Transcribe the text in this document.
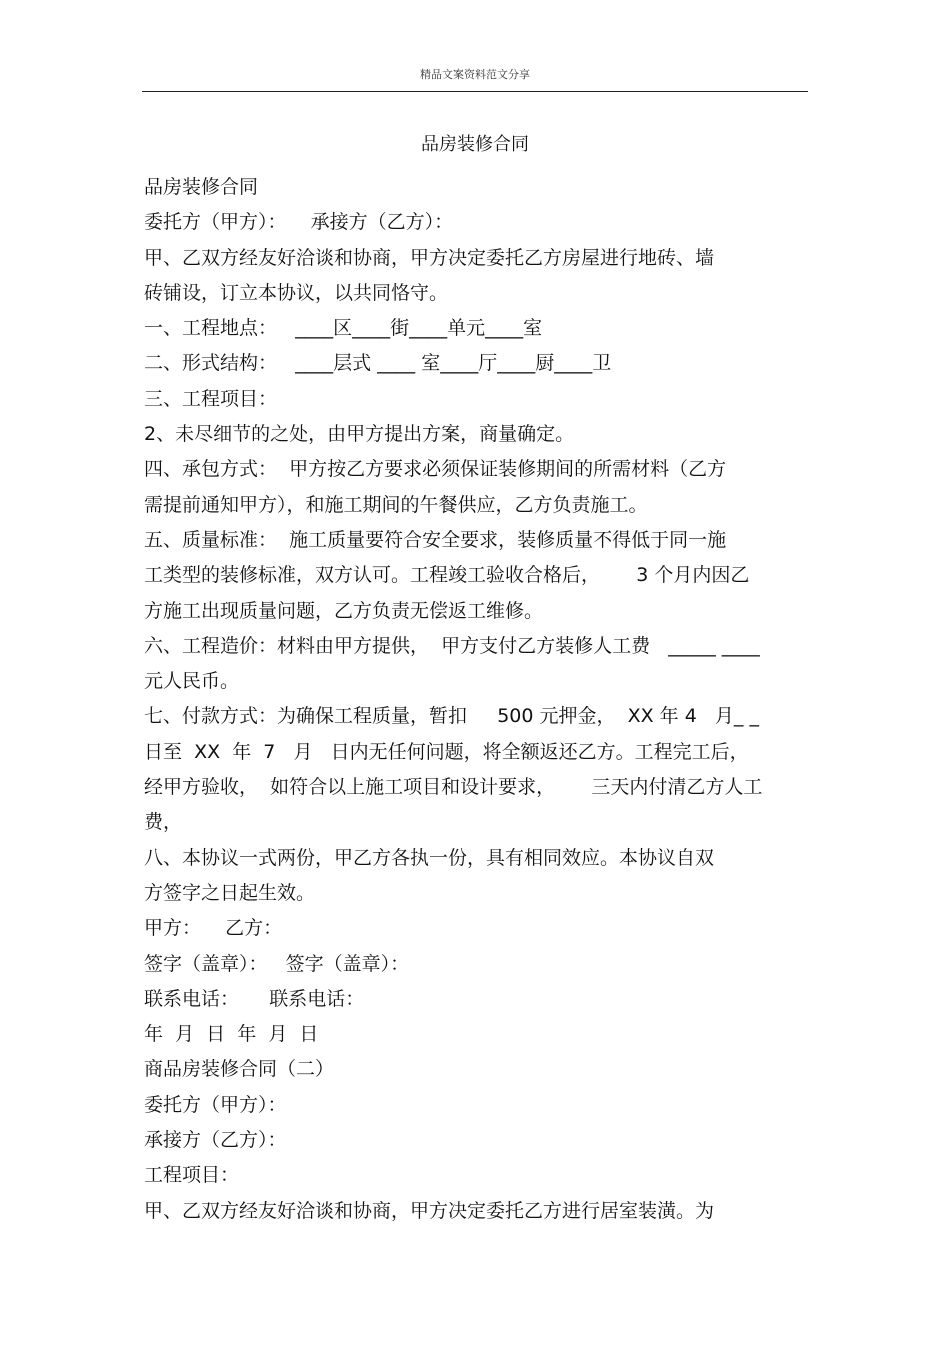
精品文案资料范文分享
品房装修合同
品房装修合同
委托方（甲方）：    承接方（乙方）：
甲、乙双方经友好洽谈和协商，甲方决定委托乙方房屋进行地砖、墙
砖铺设，订立本协议，以共同恪守。
一、工程地点：   ____区____街____单元____室
二、形式结构：   ____层式 ____ 室____厅____厨____卫
三、工程项目：
2、未尽细节的之处，由甲方提出方案，商量确定。
四、承包方式：  甲方按乙方要求必须保证装修期间的所需材料（乙方
需提前通知甲方），和施工期间的午餐供应，乙方负责施工。
五、质量标准：  施工质量要符合安全要求，装修质量不得低于同一施
工类型的装修标准，双方认可。工程竣工验收合格后，      3 个月内因乙
方施工出现质量问题，乙方负责无偿返工维修。
六、工程造价：材料由甲方提供，  甲方支付乙方装修人工费   _____ ____
元人民币。
七、付款方式：为确保工程质量，暂扣     500 元押金，  XX 年 4   月_ _
日至  XX  年  7   月   日内无任何问题，将全额返还乙方。工程完工后，
经甲方验收，  如符合以上施工项目和设计要求，      三天内付清乙方人工
费，
八、本协议一式两份，甲乙方各执一份，具有相同效应。本协议自双
方签字之日起生效。
甲方：    乙方：
签字（盖章）：   签字（盖章）：
联系电话：     联系电话：
年  月  日  年  月  日
商品房装修合同（二）
委托方（甲方）：
承接方（乙方）：
工程项目：
甲、乙双方经友好洽谈和协商，甲方决定委托乙方进行居室装潢。为
